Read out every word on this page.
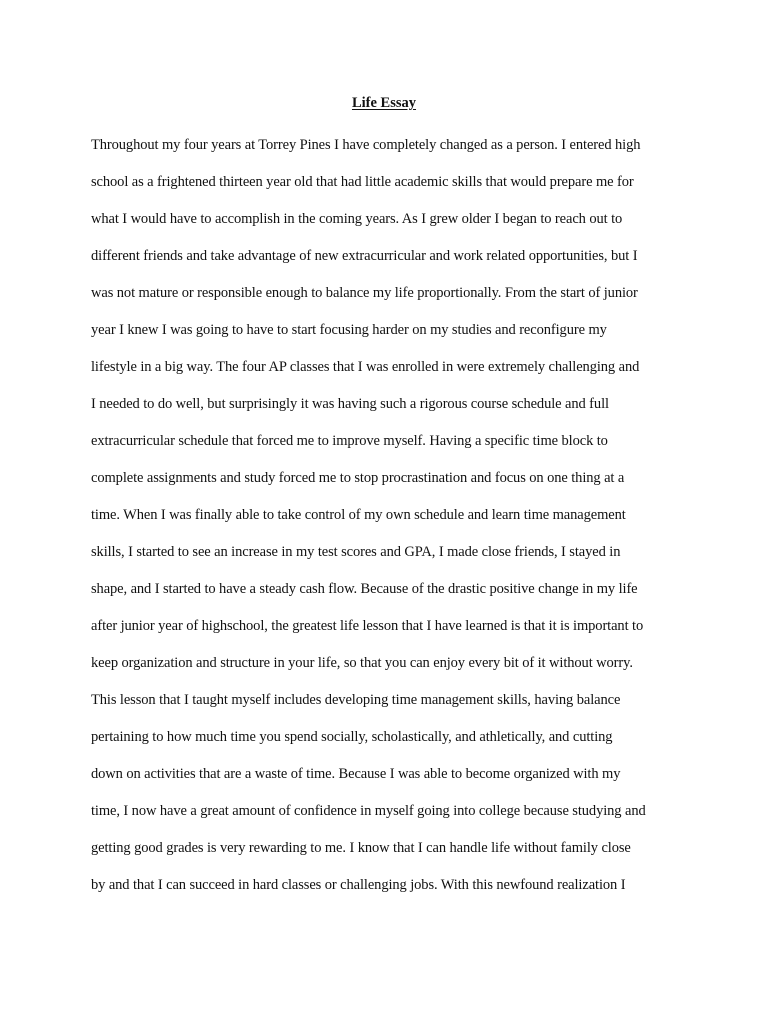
Life Essay
Throughout my four years at Torrey Pines I have completely changed as a person. I entered high
school as a frightened thirteen year old that had little academic skills that would prepare me for
what I would have to accomplish in the coming years. As I grew older I began to reach out to
different friends and take advantage of new extracurricular and work related opportunities, but I
was not mature or responsible enough to balance my life proportionally. From the start of junior
year I knew I was going to have to start focusing harder on my studies and reconfigure my
lifestyle in a big way. The four AP classes that I was enrolled in were extremely challenging and
I needed to do well, but surprisingly it was having such a rigorous course schedule and full
extracurricular schedule that forced me to improve myself. Having a specific time block to
complete assignments and study forced me to stop procrastination and focus on one thing at a
time. When I was finally able to take control of my own schedule and learn time management
skills, I started to see an increase in my test scores and GPA, I made close friends, I stayed in
shape, and I started to have a steady cash flow. Because of the drastic positive change in my life
after junior year of highschool, the greatest life lesson that I have learned is that it is important to
keep organization and structure in your life, so that you can enjoy every bit of it without worry.
This lesson that I taught myself includes developing time management skills, having balance
pertaining to how much time you spend socially, scholastically, and athletically, and cutting
down on activities that are a waste of time. Because I was able to become organized with my
time, I now have a great amount of confidence in myself going into college because studying and
getting good grades is very rewarding to me. I know that I can handle life without family close
by and that I can succeed in hard classes or challenging jobs. With this newfound realization I
